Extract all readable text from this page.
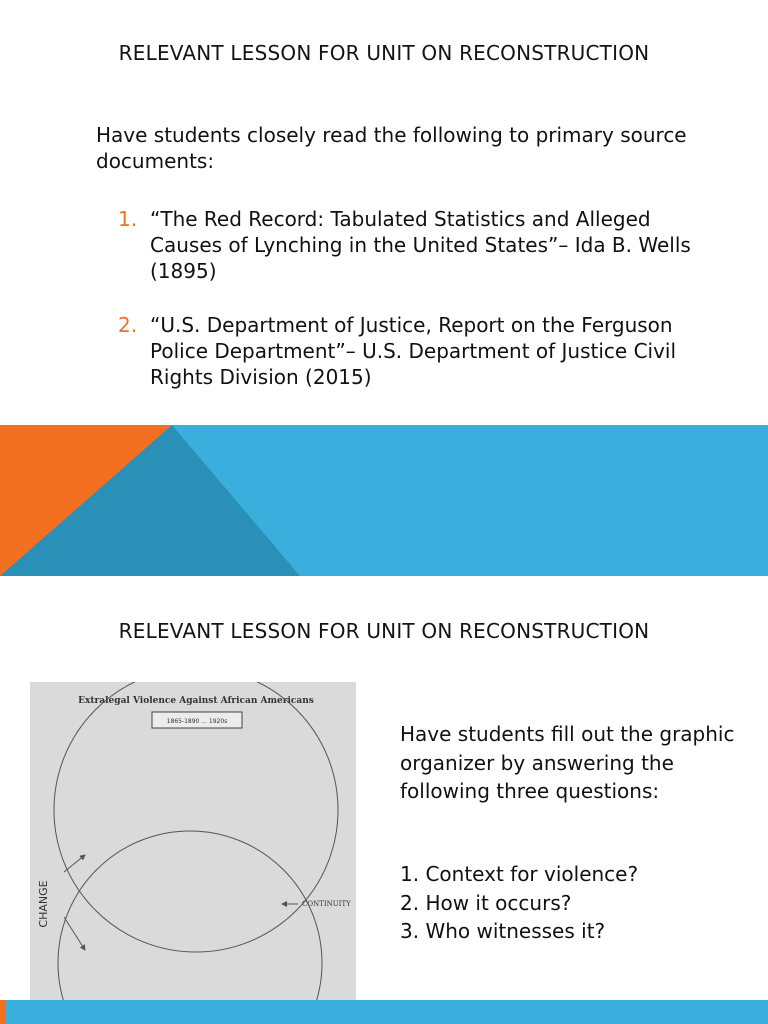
RELEVANT LESSON FOR UNIT ON RECONSTRUCTION

Have students closely read the following to primary source documents:

1. “The Red Record: Tabulated Statistics and Alleged Causes of Lynching in the United States”– Ida B. Wells (1895)
2. “U.S. Department of Justice, Report on the Ferguson Police Department”– U.S. Department of Justice Civil Rights Division (2015)
RELEVANT LESSON FOR UNIT ON RECONSTRUCTION
Extralegal Violence Against African Americans
1865-1890 ... 1920s
CHANGE	CONTINUITY

Have students fill out the graphic organizer by answering the following three questions:

1. Context for violence?
2. How it occurs?
3. Who witnesses it?
